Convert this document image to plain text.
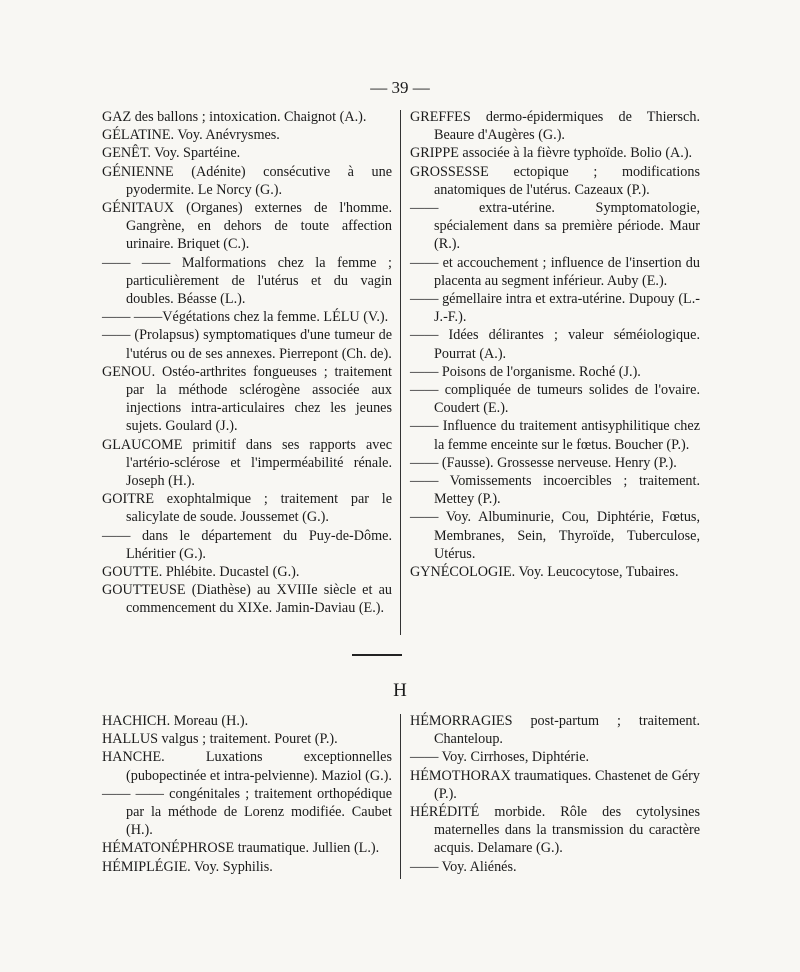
— 39 —

GAZ des ballons ; intoxication. Chaignot (A.).

GÉLATINE. Voy. Anévrysmes.

GENÊT. Voy. Spartéine.

GÉNIENNE (Adénite) consécutive à une pyodermite. Le Norcy (G.).

GÉNITAUX (Organes) externes de l'homme. Gangrène, en dehors de toute affection urinaire. Briquet (C.).

—— —— Malformations chez la femme ; particulièrement de l'utérus et du vagin doubles. Béasse (L.).

—— ——Végétations chez la femme. LÉLU (V.).

—— (Prolapsus) symptomatiques d'une tumeur de l'utérus ou de ses annexes. Pierrepont (Ch. de).

GENOU. Ostéo-arthrites fongueuses ; traitement par la méthode sclérogène associée aux injections intra-articulaires chez les jeunes sujets. Goulard (J.).

GLAUCOME primitif dans ses rapports avec l'artério-sclérose et l'imperméabilité rénale. Joseph (H.).

GOITRE exophtalmique ; traitement par le salicylate de soude. Joussemet (G.).

—— dans le département du Puy-de-Dôme. Lhéritier (G.).

GOUTTE. Phlébite. Ducastel (G.).

GOUTTEUSE (Diathèse) au XVIIIe siècle et au commencement du XIXe. Jamin-Daviau (E.).

GREFFES dermo-épidermiques de Thiersch. Beaure d'Augères (G.).

GRIPPE associée à la fièvre typhoïde. Bolio (A.).

GROSSESSE ectopique ; modifications anatomiques de l'utérus. Cazeaux (P.).

—— extra-utérine. Symptomatologie, spécialement dans sa première période. Maur (R.).

—— et accouchement ; influence de l'insertion du placenta au segment inférieur. Auby (E.).

—— gémellaire intra et extra-utérine. Dupouy (L.-J.-F.).

—— Idées délirantes ; valeur séméiologique. Pourrat (A.).

—— Poisons de l'organisme. Roché (J.).

—— compliquée de tumeurs solides de l'ovaire. Coudert (E.).

—— Influence du traitement antisyphilitique chez la femme enceinte sur le fœtus. Boucher (P.).

—— (Fausse). Grossesse nerveuse. Henry (P.).

—— Vomissements incoercibles ; traitement. Mettey (P.).

—— Voy. Albuminurie, Cou, Diphtérie, Fœtus, Membranes, Sein, Thyroïde, Tuberculose, Utérus.

GYNÉCOLOGIE. Voy. Leucocytose, Tubaires.

H

HACHICH. Moreau (H.).

HALLUS valgus ; traitement. Pouret (P.).

HANCHE. Luxations exceptionnelles (pubopectinée et intra-pelvienne). Maziol (G.).

—— —— congénitales ; traitement orthopédique par la méthode de Lorenz modifiée. Caubet (H.).

HÉMATONÉPHROSE traumatique. Jullien (L.).

HÉMIPLÉGIE. Voy. Syphilis.

HÉMORRAGIES post-partum ; traitement. Chanteloup.

—— Voy. Cirrhoses, Diphtérie.

HÉMOTHORAX traumatiques. Chastenet de Géry (P.).

HÉRÉDITÉ morbide. Rôle des cytolysines maternelles dans la transmission du caractère acquis. Delamare (G.).

—— Voy. Aliénés.
